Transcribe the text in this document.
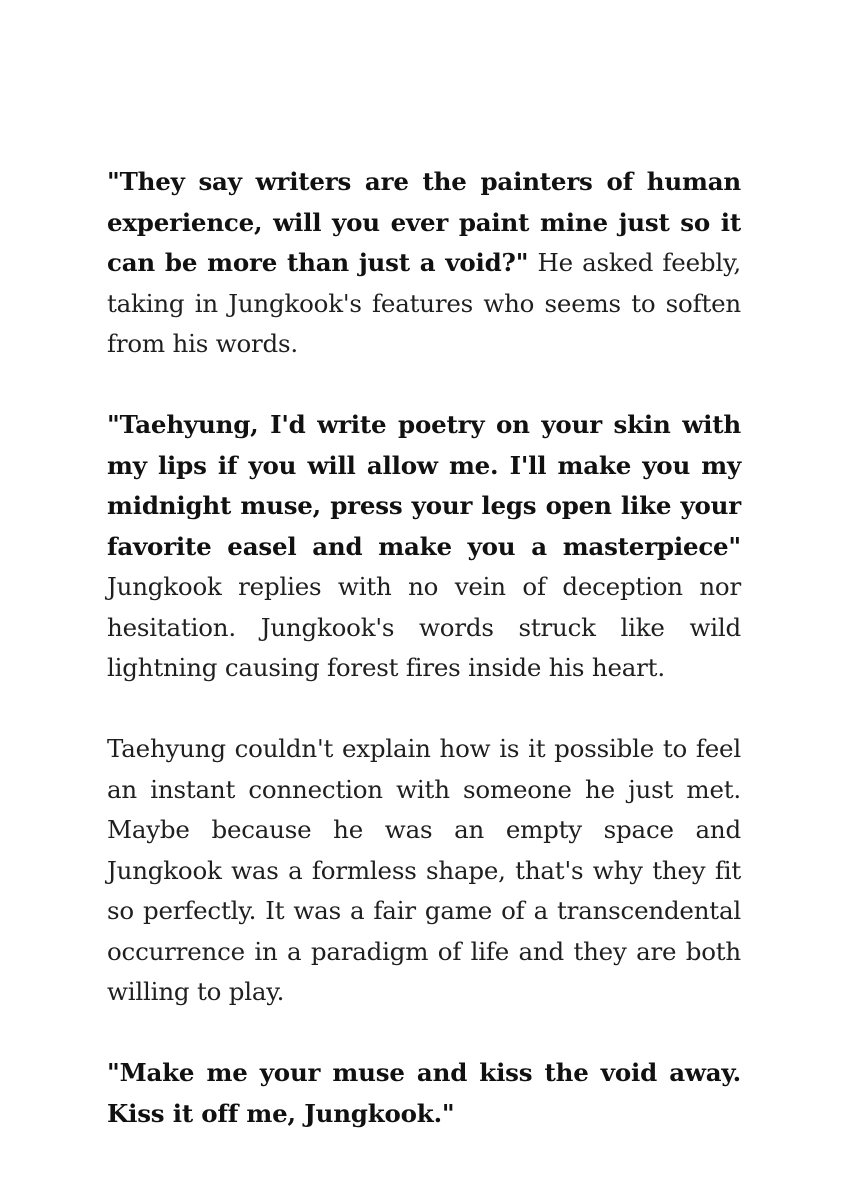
"They say writers are the painters of human experience, will you ever paint mine just so it can be more than just a void?" He asked feebly, taking in Jungkook's features who seems to soften from his words.

"Taehyung, I'd write poetry on your skin with my lips if you will allow me. I'll make you my midnight muse, press your legs open like your favorite easel and make you a masterpiece" Jungkook replies with no vein of deception nor hesitation. Jungkook's words struck like wild lightning causing forest fires inside his heart.

Taehyung couldn't explain how is it possible to feel an instant connection with someone he just met. Maybe because he was an empty space and Jungkook was a formless shape, that's why they fit so perfectly. It was a fair game of a transcendental occurrence in a paradigm of life and they are both willing to play.

"Make me your muse and kiss the void away. Kiss it off me, Jungkook."
